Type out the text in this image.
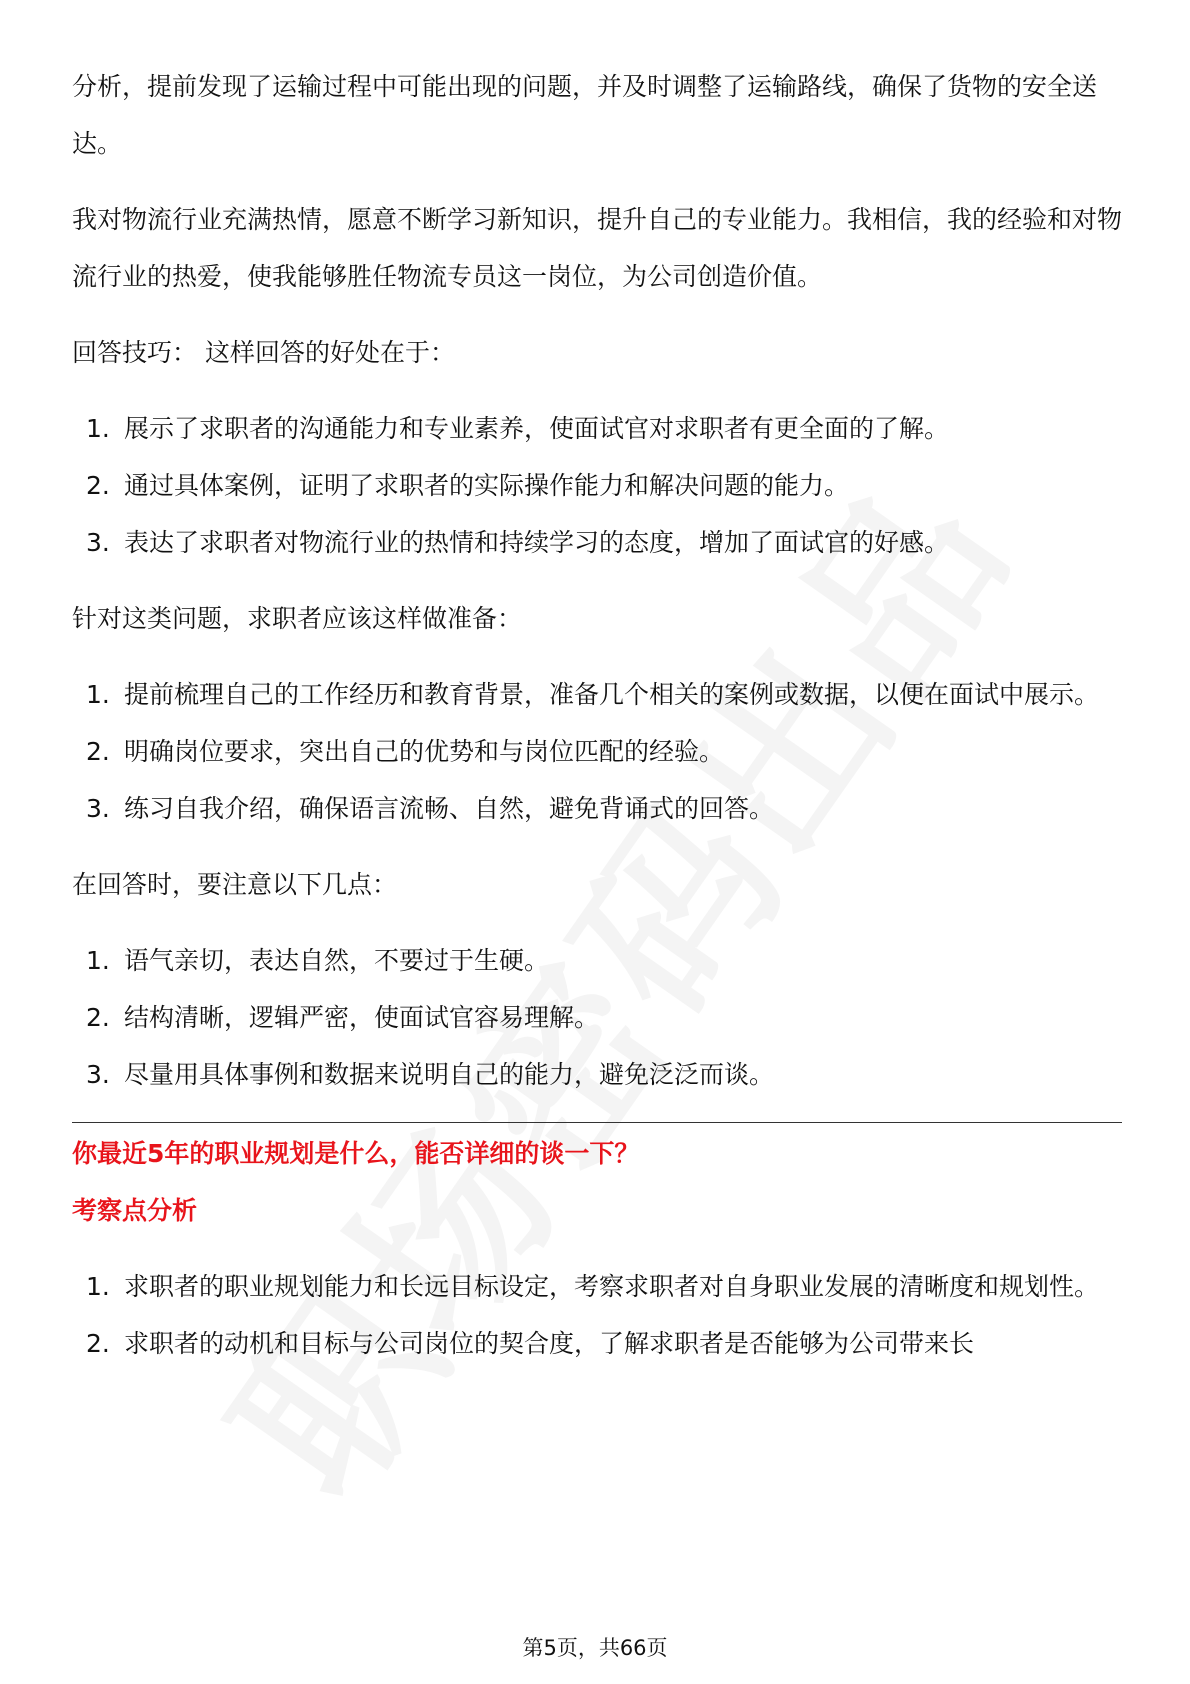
分析，提前发现了运输过程中可能出现的问题，并及时调整了运输路线，确保了货物的安全送达。

我对物流行业充满热情，愿意不断学习新知识，提升自己的专业能力。我相信，我的经验和对物流行业的热爱，使我能够胜任物流专员这一岗位，为公司创造价值。

回答技巧： 这样回答的好处在于：

1. 展示了求职者的沟通能力和专业素养，使面试官对求职者有更全面的了解。
2. 通过具体案例，证明了求职者的实际操作能力和解决问题的能力。
3. 表达了求职者对物流行业的热情和持续学习的态度，增加了面试官的好感。

针对这类问题，求职者应该这样做准备：

1. 提前梳理自己的工作经历和教育背景，准备几个相关的案例或数据，以便在面试中展示。
2. 明确岗位要求，突出自己的优势和与岗位匹配的经验。
3. 练习自我介绍，确保语言流畅、自然，避免背诵式的回答。

在回答时，要注意以下几点：

1. 语气亲切，表达自然，不要过于生硬。
2. 结构清晰，逻辑严密，使面试官容易理解。
3. 尽量用具体事例和数据来说明自己的能力，避免泛泛而谈。

你最近5年的职业规划是什么，能否详细的谈一下？

考察点分析

1. 求职者的职业规划能力和长远目标设定，考察求职者对自身职业发展的清晰度和规划性。
2. 求职者的动机和目标与公司岗位的契合度，了解求职者是否能够为公司带来长
第5页，共66页
